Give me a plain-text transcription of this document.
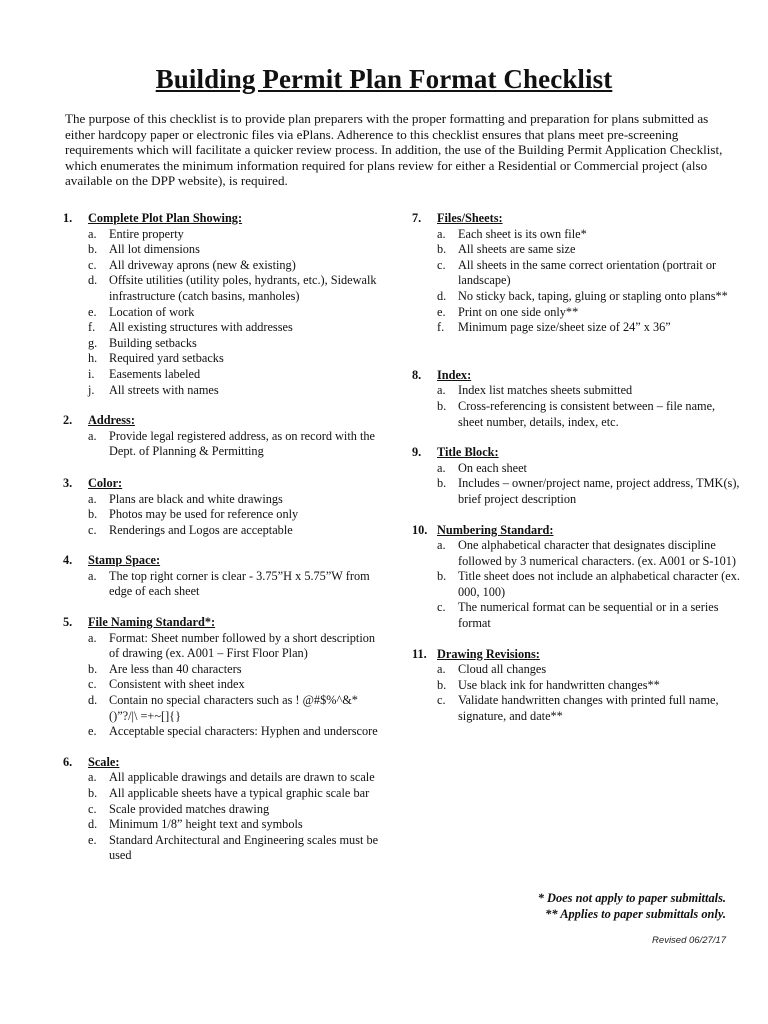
Building Permit Plan Format Checklist
The purpose of this checklist is to provide plan preparers with the proper formatting and preparation for plans submitted as either hardcopy paper or electronic files via ePlans. Adherence to this checklist ensures that plans meet pre-screening requirements which will facilitate a quicker review process. In addition, the use of the Building Permit Application Checklist, which enumerates the minimum information required for plans review for either a Residential or Commercial project (also available on the DPP website), is required.
1.	Complete Plot Plan Showing:
a.	Entire property
b. All lot dimensions
c.	All driveway aprons (new & existing)
d. Offsite utilities (utility poles, hydrants, etc.), Sidewalk infrastructure (catch basins, manholes)
e.	Location of work
f.	All existing structures with addresses
g. Building setbacks
h. Required yard setbacks
i.	Easements labeled
j.	All streets with names
2.	Address:
a.	Provide legal registered address, as on record with the Dept. of Planning & Permitting
3.	Color:
a.	Plans are black and white drawings
b. Photos may be used for reference only
c.	Renderings and Logos are acceptable
4.	Stamp Space:
a.	The top right corner is clear - 3.75”H x 5.75”W from edge of each sheet
5.	File Naming Standard*:
a.	Format: Sheet number followed by a short description of drawing (ex. A001 – First Floor Plan)
b. Are less than 40 characters
c.	Consistent with sheet index
d. Contain no special characters such as ! @#$%^&*()”?/|\ =+~[]{}
e.	Acceptable special characters: Hyphen and underscore
6.	Scale:
a.	All applicable drawings and details are drawn to scale
b. All applicable sheets have a typical graphic scale bar
c.	Scale provided matches drawing
d. Minimum 1/8” height text and symbols
e.	Standard Architectural and Engineering scales must be used
7.	Files/Sheets:
a.	Each sheet is its own file*
b. All sheets are same size
c.	All sheets in the same correct orientation (portrait or landscape)
d. No sticky back, taping, gluing or stapling onto plans**
e.	Print on one side only**
f.	Minimum page size/sheet size of 24” x 36”
8.	Index:
a.	Index list matches sheets submitted
b. Cross-referencing is consistent between – file name, sheet number, details, index, etc.
9.	Title Block:
a.	On each sheet
b. Includes – owner/project name, project address, TMK(s), brief project description
10. Numbering Standard:
a.	One alphabetical character that designates discipline followed by 3 numerical characters. (ex. A001 or S-101)
b. Title sheet does not include an alphabetical character (ex. 000, 100)
c.	The numerical format can be sequential or in a series format
11. Drawing Revisions:
a.	Cloud all changes
b. Use black ink for handwritten changes**
c.	Validate handwritten changes with printed full name, signature, and date**
* Does not apply to paper submittals.
** Applies to paper submittals only.
Revised 06/27/17
